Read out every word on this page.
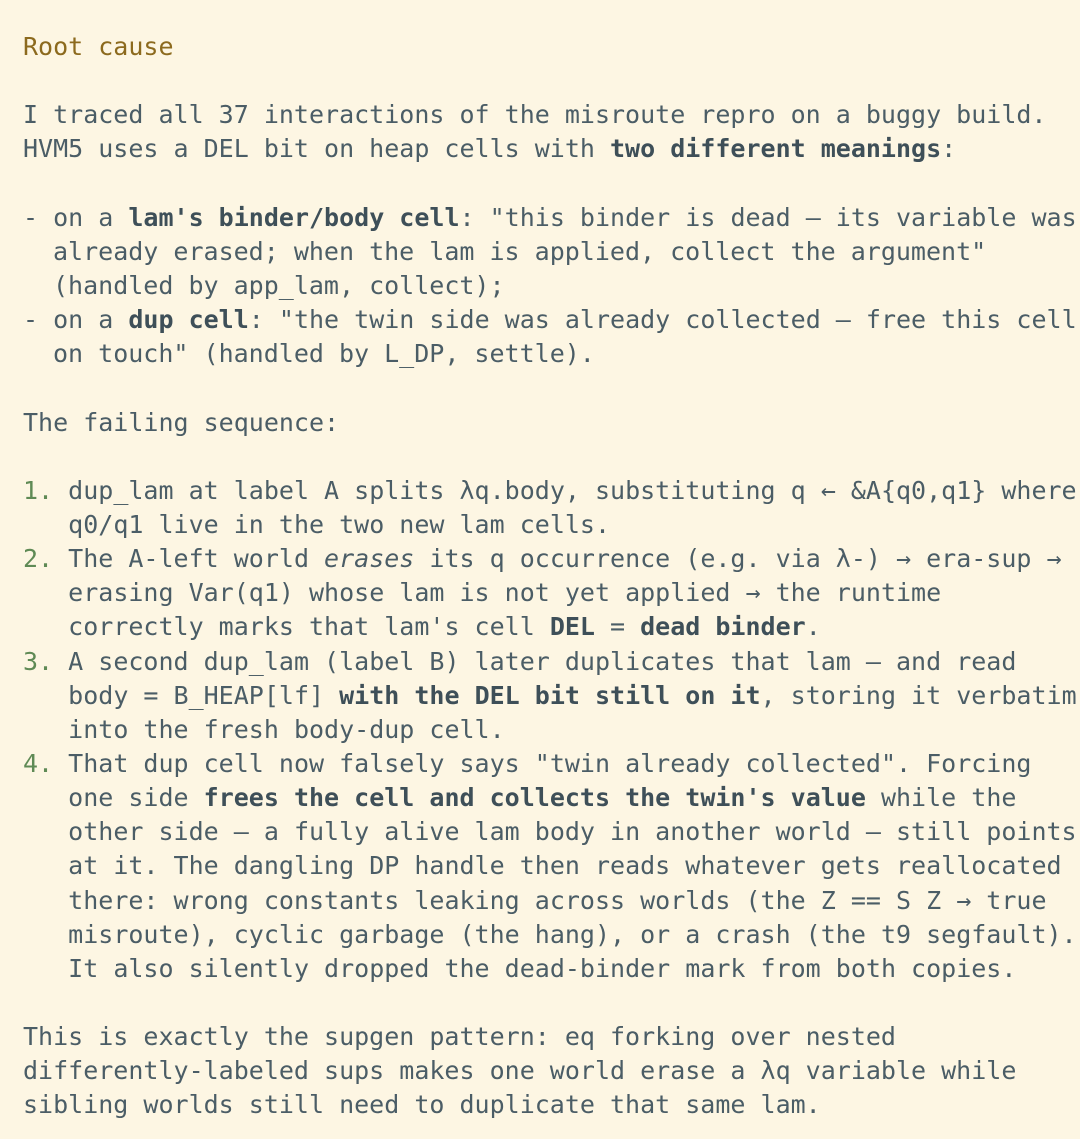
Root cause
I traced all 37 interactions of the misroute repro on a buggy build.
HVM5 uses a DEL bit on heap cells with two different meanings:
- on a lam's binder/body cell: "this binder is dead — its variable was
already erased; when the lam is applied, collect the argument"
(handled by app_lam, collect);
- on a dup cell: "the twin side was already collected — free this cell
on touch" (handled by L_DP, settle).
The failing sequence:
1. dup_lam at label A splits λq.body, substituting q ← &A{q0,q1} where
q0/q1 live in the two new lam cells.
2. The A-left world erases its q occurrence (e.g. via λ-) → era-sup →
erasing Var(q1) whose lam is not yet applied → the runtime
correctly marks that lam's cell DEL = dead binder.
3. A second dup_lam (label B) later duplicates that lam — and read
body = B_HEAP[lf] with the DEL bit still on it, storing it verbatim
into the fresh body-dup cell.
4. That dup cell now falsely says "twin already collected". Forcing
one side frees the cell and collects the twin's value while the
other side — a fully alive lam body in another world — still points
at it. The dangling DP handle then reads whatever gets reallocated
there: wrong constants leaking across worlds (the Z == S Z → true
misroute), cyclic garbage (the hang), or a crash (the t9 segfault).
It also silently dropped the dead-binder mark from both copies.
This is exactly the supgen pattern: eq forking over nested
differently-labeled sups makes one world erase a λq variable while
sibling worlds still need to duplicate that same lam.
